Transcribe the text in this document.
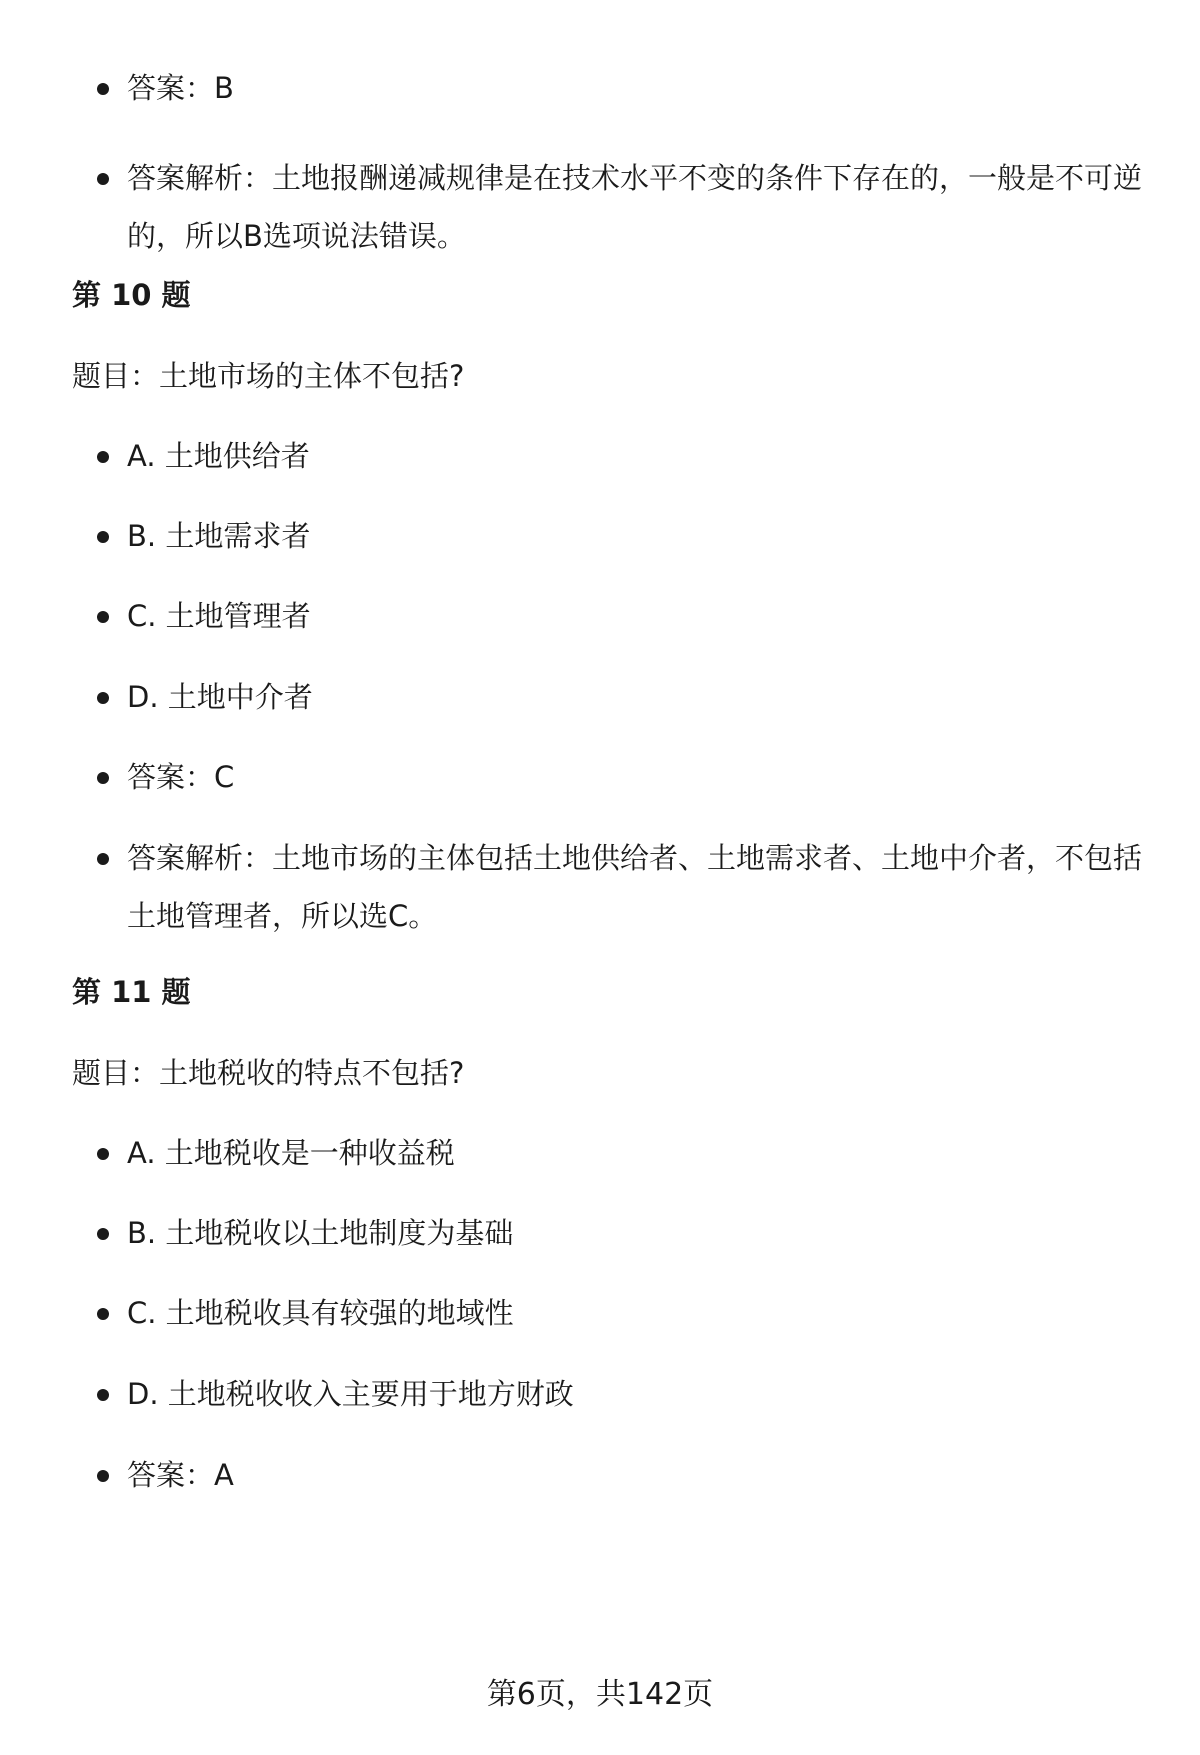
答案：B
答案解析：土地报酬递减规律是在技术水平不变的条件下存在的，一般是不可逆的，所以B选项说法错误。
第 10 题
题目：土地市场的主体不包括?
A. 土地供给者
B. 土地需求者
C. 土地管理者
D. 土地中介者
答案：C
答案解析：土地市场的主体包括土地供给者、土地需求者、土地中介者，不包括土地管理者，所以选C。
第 11 题
题目：土地税收的特点不包括?
A. 土地税收是一种收益税
B. 土地税收以土地制度为基础
C. 土地税收具有较强的地域性
D. 土地税收收入主要用于地方财政
答案：A
第6页，共142页
